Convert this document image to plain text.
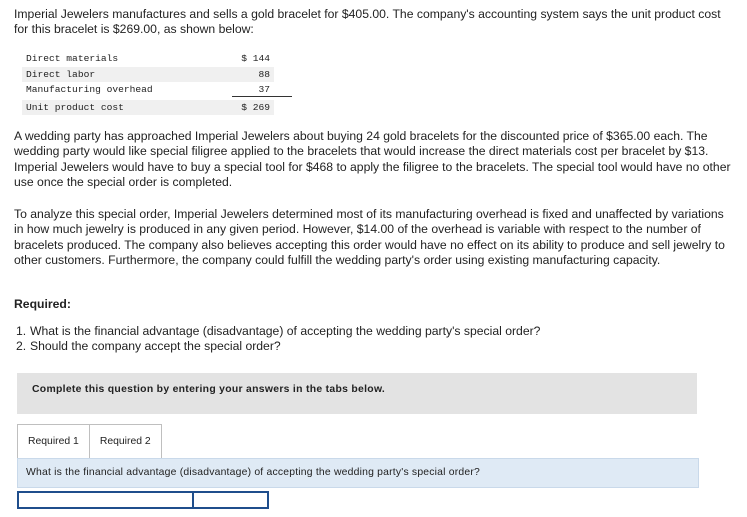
Imperial Jewelers manufactures and sells a gold bracelet for $405.00. The company's accounting system says the unit product cost for this bracelet is $269.00, as shown below:

Direct materials	$ 144
Direct labor	88
Manufacturing overhead	37
Unit product cost	$ 269

A wedding party has approached Imperial Jewelers about buying 24 gold bracelets for the discounted price of $365.00 each. The wedding party would like special filigree applied to the bracelets that would increase the direct materials cost per bracelet by $13. Imperial Jewelers would have to buy a special tool for $468 to apply the filigree to the bracelets. The special tool would have no other use once the special order is completed.

To analyze this special order, Imperial Jewelers determined most of its manufacturing overhead is fixed and unaffected by variations in how much jewelry is produced in any given period. However, $14.00 of the overhead is variable with respect to the number of bracelets produced. The company also believes accepting this order would have no effect on its ability to produce and sell jewelry to other customers. Furthermore, the company could fulfill the wedding party's order using existing manufacturing capacity.

Required:

1. What is the financial advantage (disadvantage) of accepting the wedding party's special order?
2. Should the company accept the special order?
Complete this question by entering your answers in the tabs below.
Required 1	Required 2
What is the financial advantage (disadvantage) of accepting the wedding party's special order?
